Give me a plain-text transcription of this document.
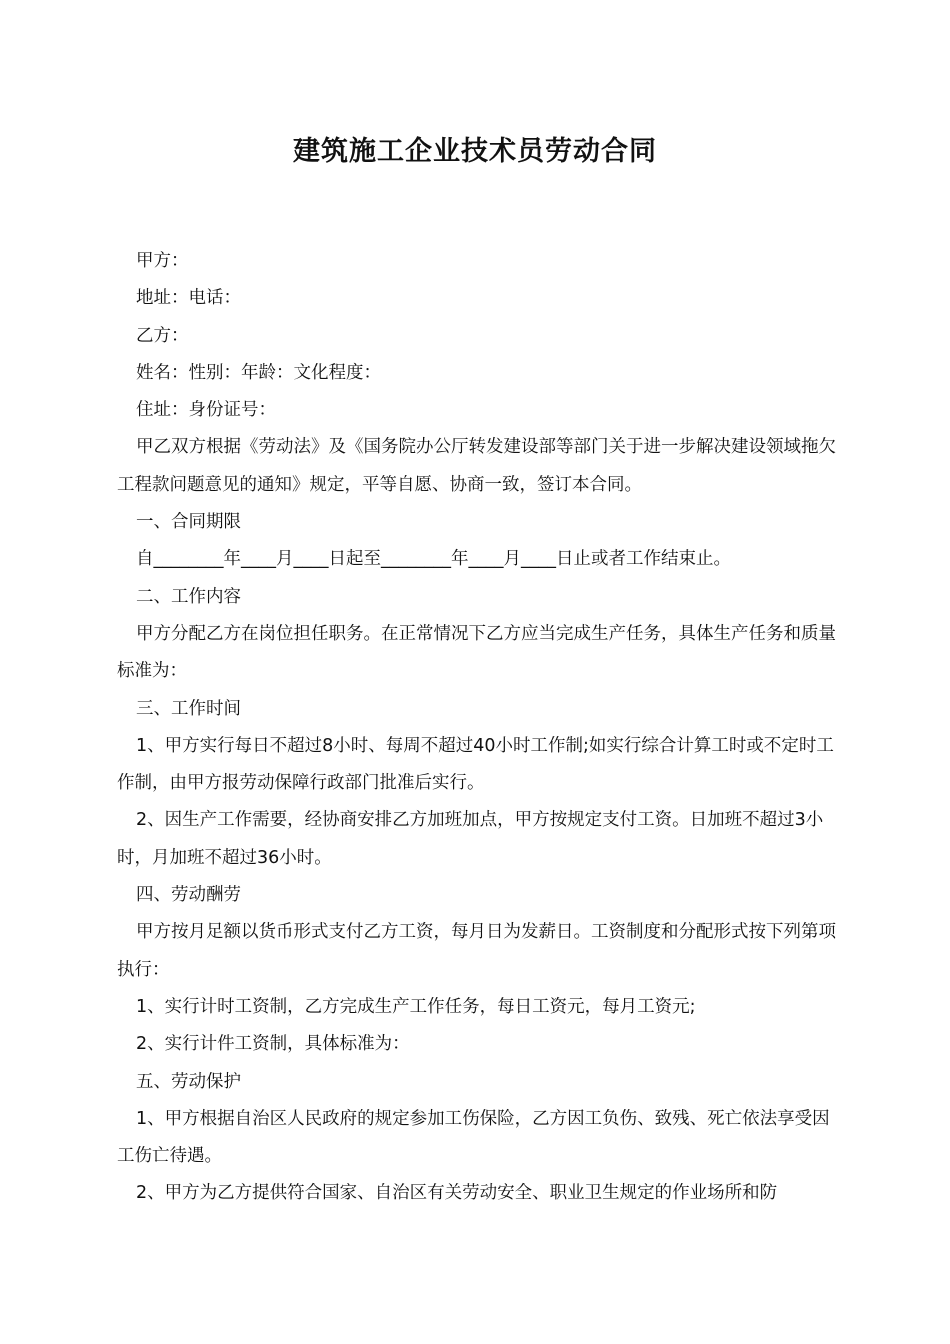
建筑施工企业技术员劳动合同

甲方：

地址：电话：

乙方：

姓名：性别：年龄：文化程度：

住址：身份证号：

甲乙双方根据《劳动法》及《国务院办公厅转发建设部等部门关于进一步解决建设领域拖欠工程款问题意见的通知》规定，平等自愿、协商一致，签订本合同。

一、合同期限

自________年____月____日起至________年____月____日止或者工作结束止。

二、工作内容

甲方分配乙方在岗位担任职务。在正常情况下乙方应当完成生产任务，具体生产任务和质量标准为：

三、工作时间

1、甲方实行每日不超过8小时、每周不超过40小时工作制;如实行综合计算工时或不定时工作制，由甲方报劳动保障行政部门批准后实行。

2、因生产工作需要，经协商安排乙方加班加点，甲方按规定支付工资。日加班不超过3小时，月加班不超过36小时。

四、劳动酬劳

甲方按月足额以货币形式支付乙方工资，每月日为发薪日。工资制度和分配形式按下列第项执行：

1、实行计时工资制，乙方完成生产工作任务，每日工资元，每月工资元;

2、实行计件工资制，具体标准为：

五、劳动保护

1、甲方根据自治区人民政府的规定参加工伤保险，乙方因工负伤、致残、死亡依法享受因工伤亡待遇。

2、甲方为乙方提供符合国家、自治区有关劳动安全、职业卫生规定的作业场所和防
